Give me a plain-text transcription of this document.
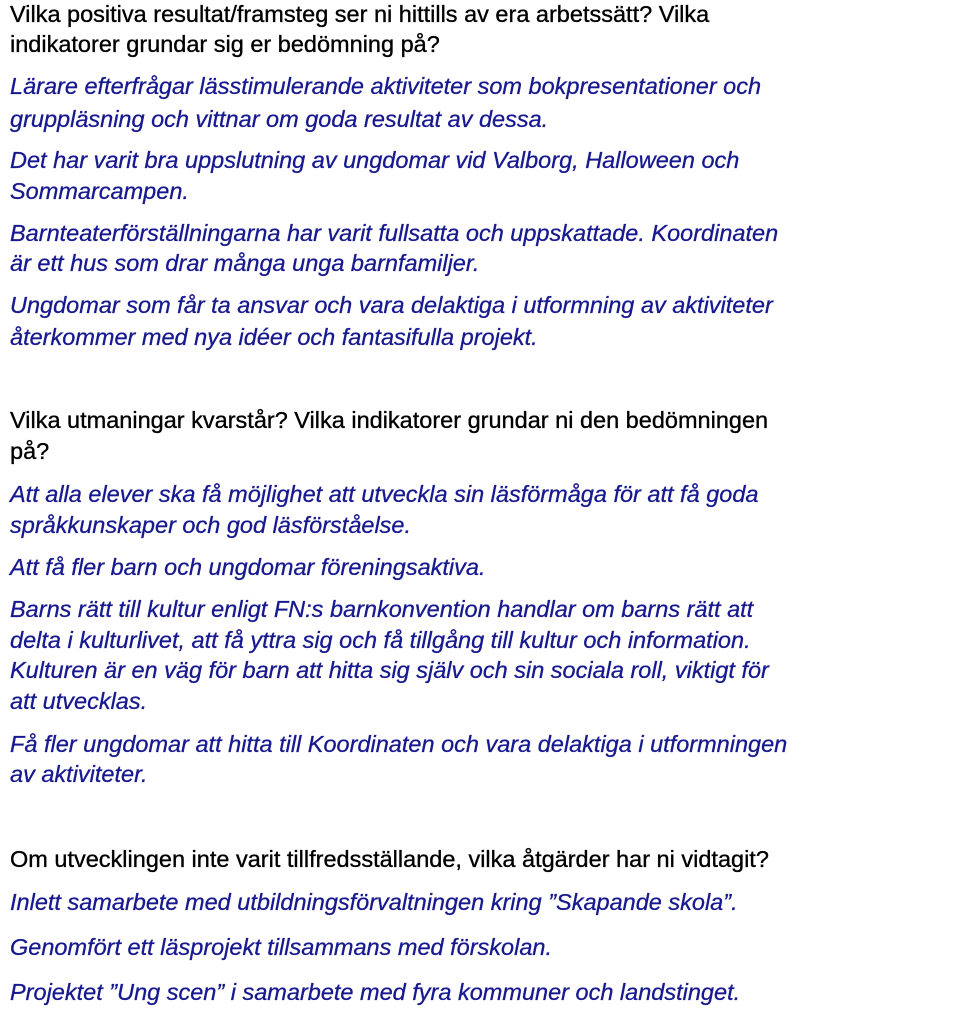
Vilka positiva resultat/framsteg ser ni hittills av era arbetssätt? Vilka

indikatorer grundar sig er bedömning på?

Lärare efterfrågar lässtimulerande aktiviteter som bokpresentationer och

gruppläsning och vittnar om goda resultat av dessa.

Det har varit bra uppslutning av ungdomar vid Valborg, Halloween och

Sommarcampen.

Barnteaterförställningarna har varit fullsatta och uppskattade. Koordinaten

är ett hus som drar många unga barnfamiljer.

Ungdomar som får ta ansvar och vara delaktiga i utformning av aktiviteter

återkommer med nya idéer och fantasifulla projekt.

Vilka utmaningar kvarstår? Vilka indikatorer grundar ni den bedömningen

på?

Att alla elever ska få möjlighet att utveckla sin läsförmåga för att få goda

språkkunskaper och god läsförståelse.

Att få fler barn och ungdomar föreningsaktiva.

Barns rätt till kultur enligt FN:s barnkonvention handlar om barns rätt att

delta i kulturlivet, att få yttra sig och få tillgång till kultur och information.

Kulturen är en väg för barn att hitta sig själv och sin sociala roll, viktigt för

att utvecklas.

Få fler ungdomar att hitta till Koordinaten och vara delaktiga i utformningen

av aktiviteter.

Om utvecklingen inte varit tillfredsställande, vilka åtgärder har ni vidtagit?

Inlett samarbete med utbildningsförvaltningen kring ”Skapande skola”.

Genomfört ett läsprojekt tillsammans med förskolan.

Projektet ”Ung scen” i samarbete med fyra kommuner och landstinget.
